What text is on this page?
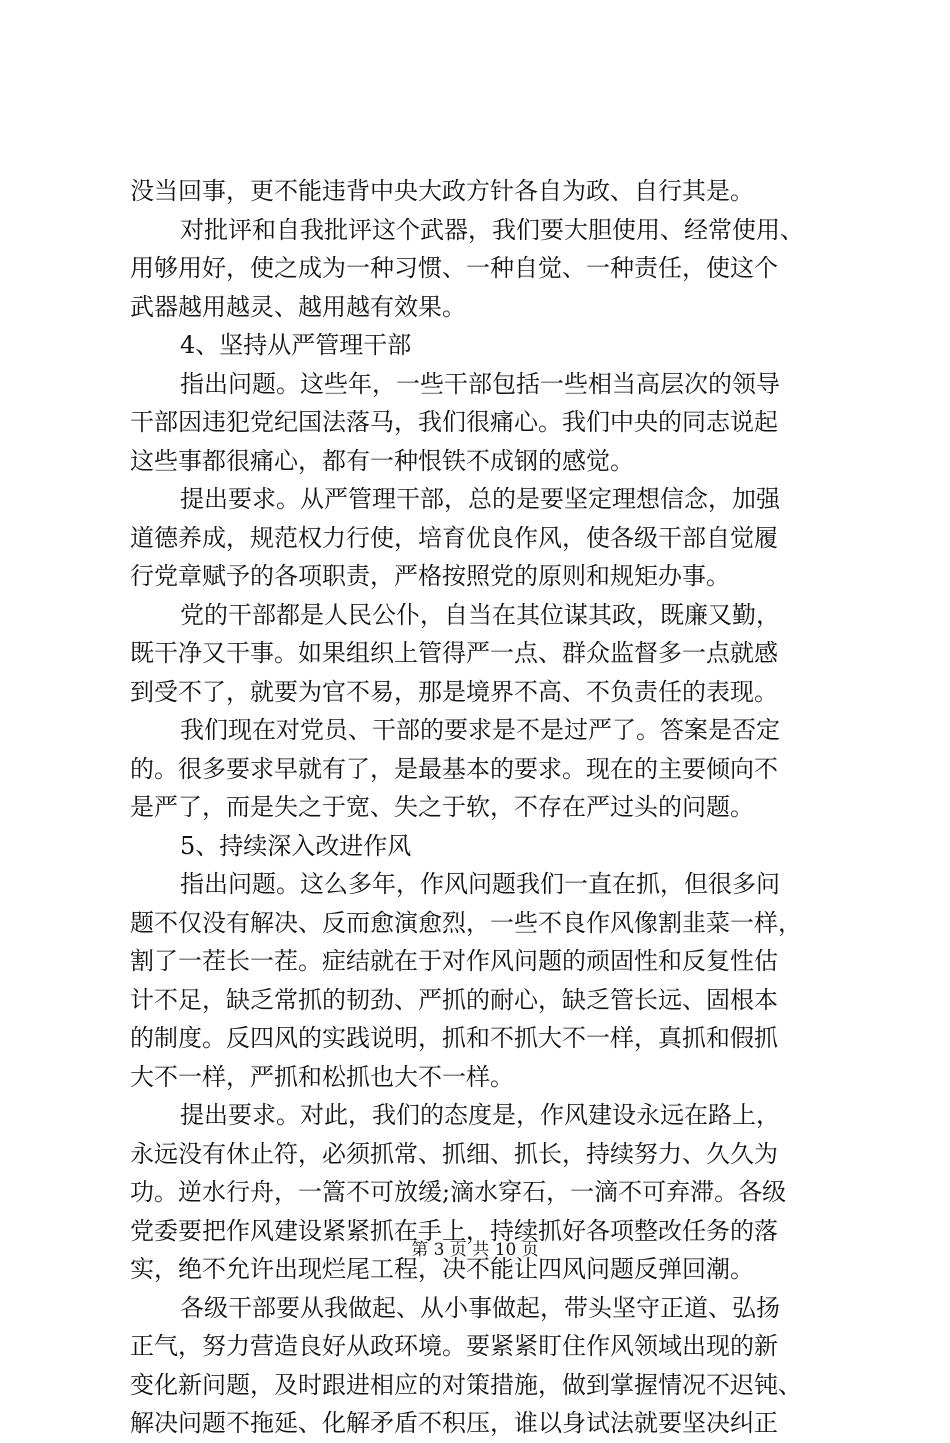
没当回事，更不能违背中央大政方针各自为政、自行其是。
对批评和自我批评这个武器，我们要大胆使用、经常使用、
用够用好，使之成为一种习惯、一种自觉、一种责任，使这个
武器越用越灵、越用越有效果。
4、坚持从严管理干部
指出问题。这些年，一些干部包括一些相当高层次的领导
干部因违犯党纪国法落马，我们很痛心。我们中央的同志说起
这些事都很痛心，都有一种恨铁不成钢的感觉。
提出要求。从严管理干部，总的是要坚定理想信念，加强
道德养成，规范权力行使，培育优良作风，使各级干部自觉履
行党章赋予的各项职责，严格按照党的原则和规矩办事。
党的干部都是人民公仆，自当在其位谋其政，既廉又勤，
既干净又干事。如果组织上管得严一点、群众监督多一点就感
到受不了，就要为官不易，那是境界不高、不负责任的表现。
我们现在对党员、干部的要求是不是过严了。答案是否定
的。很多要求早就有了，是最基本的要求。现在的主要倾向不
是严了，而是失之于宽、失之于软，不存在严过头的问题。
5、持续深入改进作风
指出问题。这么多年，作风问题我们一直在抓，但很多问
题不仅没有解决、反而愈演愈烈，一些不良作风像割韭菜一样，
割了一茬长一茬。症结就在于对作风问题的顽固性和反复性估
计不足，缺乏常抓的韧劲、严抓的耐心，缺乏管长远、固根本
的制度。反四风的实践说明，抓和不抓大不一样，真抓和假抓
大不一样，严抓和松抓也大不一样。
提出要求。对此，我们的态度是，作风建设永远在路上，
永远没有休止符，必须抓常、抓细、抓长，持续努力、久久为
功。逆水行舟，一篙不可放缓;滴水穿石，一滴不可弃滞。各级
党委要把作风建设紧紧抓在手上，持续抓好各项整改任务的落
实，绝不允许出现烂尾工程，决不能让四风问题反弹回潮。
各级干部要从我做起、从小事做起，带头坚守正道、弘扬
正气，努力营造良好从政环境。要紧紧盯住作风领域出现的新
变化新问题，及时跟进相应的对策措施，做到掌握情况不迟钝、
解决问题不拖延、化解矛盾不积压，谁以身试法就要坚决纠正
第 3 页 共 10 页
